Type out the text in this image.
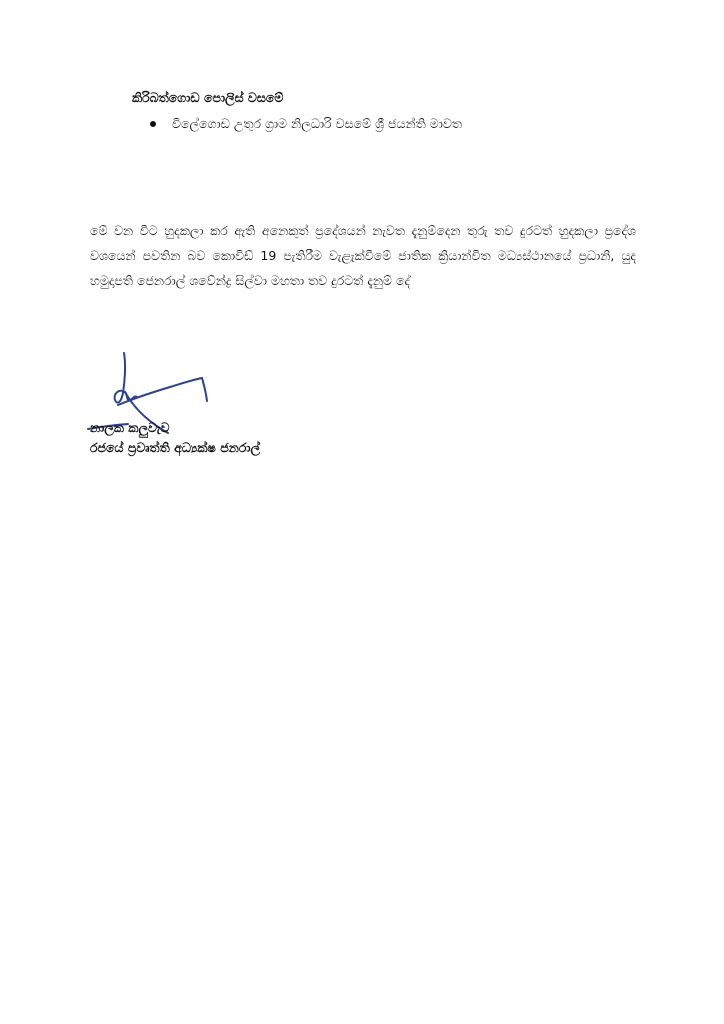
කිරිබත්ගොඩ පොලිස් වසමේ
විලේගොඩ උතුර ග්‍රාම නිලධාරි වසමේ ශ්‍රී ජයන්ති මාවත

මේ වන විට හුදකලා කර ඇති අනෙකුත් ප්‍රදේශයන් නැවත දැනුම්දෙන තුරු තව දුරටත් හුදකලා ප්‍රදේශ වශයෙන් පවතින බව කොවිඩ් 19 පැතිරීම වැළැක්වීමේ ජාතික ක්‍රියාන්විත මධ්‍යස්ථානයේ ප්‍රධානි, යුද හමුදාපති ජෙනරාල් ශවේන්ද්‍ර සිල්වා මහතා තව දුරටත් දැනුම් දේ

නාලක කලුවැව
රජයේ ප්‍රවෘත්ති අධ්‍යක්ෂ ජනරාල්
